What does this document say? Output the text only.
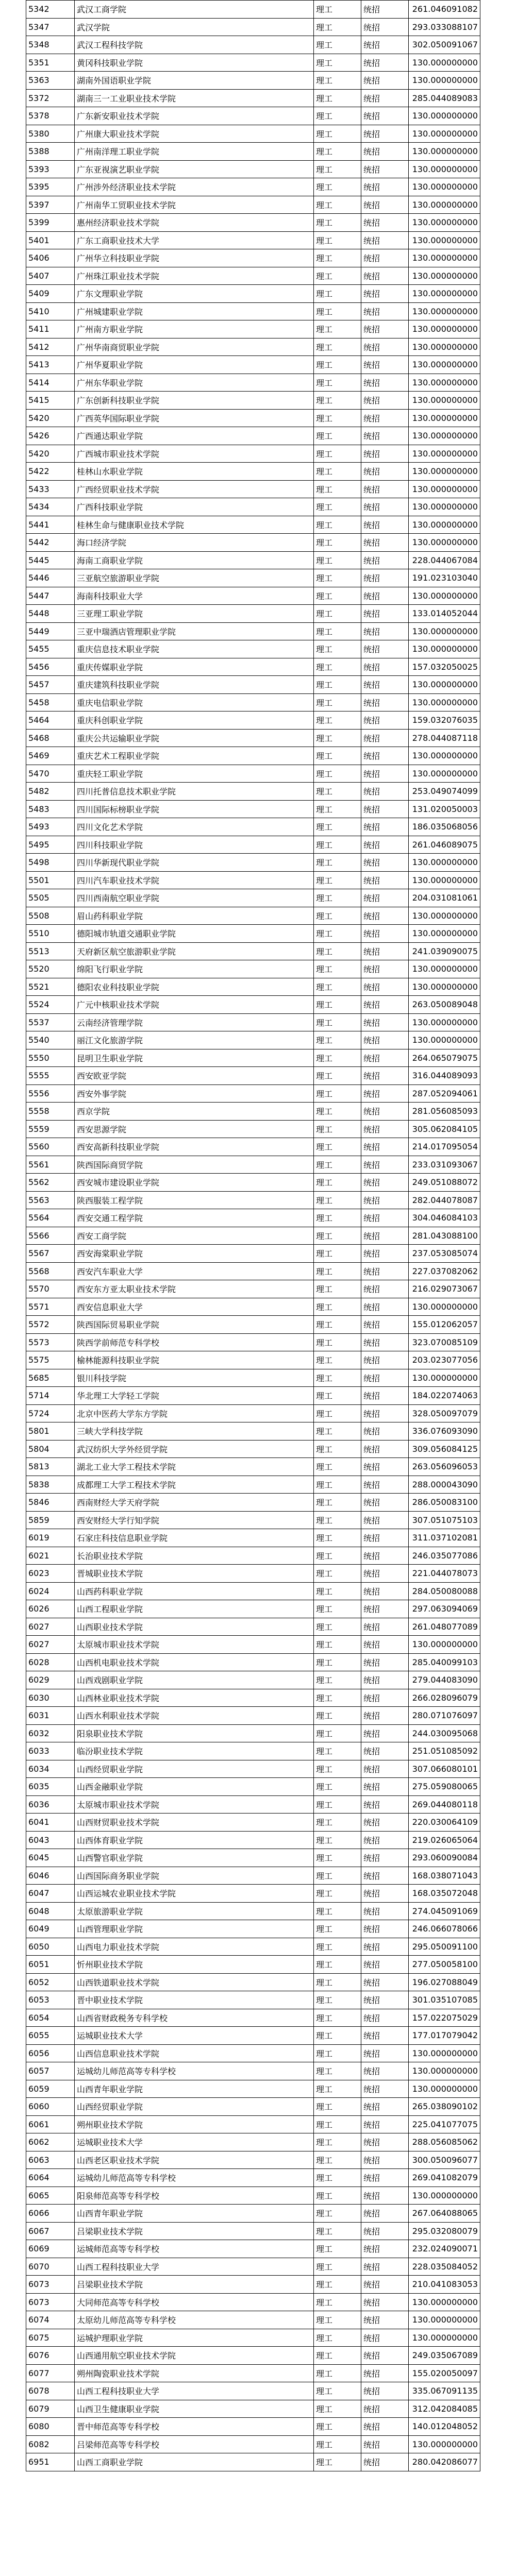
5342	武汉工商学院	理工	统招	261.046091082
5347	武汉学院	理工	统招	293.033088107
5348	武汉工程科技学院	理工	统招	302.050091067
5351	黄冈科技职业学院	理工	统招	130.000000000
5363	湖南外国语职业学院	理工	统招	130.000000000
5372	湖南三一工业职业技术学院	理工	统招	285.044089083
5378	广东新安职业技术学院	理工	统招	130.000000000
5380	广州康大职业技术学院	理工	统招	130.000000000
5388	广州南洋理工职业学院	理工	统招	130.000000000
5393	广东亚视演艺职业学院	理工	统招	130.000000000
5395	广州涉外经济职业技术学院	理工	统招	130.000000000
5397	广州南华工贸职业技术学院	理工	统招	130.000000000
5399	惠州经济职业技术学院	理工	统招	130.000000000
5401	广东工商职业技术大学	理工	统招	130.000000000
5406	广州华立科技职业学院	理工	统招	130.000000000
5407	广州珠江职业技术学院	理工	统招	130.000000000
5409	广东文理职业学院	理工	统招	130.000000000
5410	广州城建职业学院	理工	统招	130.000000000
5411	广州南方职业学院	理工	统招	130.000000000
5412	广州华南商贸职业学院	理工	统招	130.000000000
5413	广州华夏职业学院	理工	统招	130.000000000
5414	广州东华职业学院	理工	统招	130.000000000
5415	广东创新科技职业学院	理工	统招	130.000000000
5420	广西英华国际职业学院	理工	统招	130.000000000
5426	广西通达职业学院	理工	统招	130.000000000
5420	广西城市职业技术学院	理工	统招	130.000000000
5422	桂林山水职业学院	理工	统招	130.000000000
5433	广西经贸职业技术学院	理工	统招	130.000000000
5434	广西科技职业学院	理工	统招	130.000000000
5441	桂林生命与健康职业技术学院	理工	统招	130.000000000
5442	海口经济学院	理工	统招	130.000000000
5445	海南工商职业学院	理工	统招	228.044067084
5446	三亚航空旅游职业学院	理工	统招	191.023103040
5447	海南科技职业大学	理工	统招	130.000000000
5448	三亚理工职业学院	理工	统招	133.014052044
5449	三亚中瑞酒店管理职业学院	理工	统招	130.000000000
5455	重庆信息技术职业学院	理工	统招	130.000000000
5456	重庆传媒职业学院	理工	统招	157.032050025
5457	重庆建筑科技职业学院	理工	统招	130.000000000
5458	重庆电信职业学院	理工	统招	130.000000000
5464	重庆科创职业学院	理工	统招	159.032076035
5468	重庆公共运输职业学院	理工	统招	278.044087118
5469	重庆艺术工程职业学院	理工	统招	130.000000000
5470	重庆轻工职业学院	理工	统招	130.000000000
5482	四川托普信息技术职业学院	理工	统招	253.049074099
5483	四川国际标榜职业学院	理工	统招	131.020050003
5493	四川文化艺术学院	理工	统招	186.035068056
5495	四川科技职业学院	理工	统招	261.046089075
5498	四川华新现代职业学院	理工	统招	130.000000000
5501	四川汽车职业技术学院	理工	统招	130.000000000
5505	四川西南航空职业学院	理工	统招	204.031081061
5508	眉山药科职业学院	理工	统招	130.000000000
5510	德阳城市轨道交通职业学院	理工	统招	130.000000000
5513	天府新区航空旅游职业学院	理工	统招	241.039090075
5520	绵阳飞行职业学院	理工	统招	130.000000000
5521	德阳农业科技职业学院	理工	统招	130.000000000
5524	广元中核职业技术学院	理工	统招	263.050089048
5537	云南经济管理学院	理工	统招	130.000000000
5540	丽江文化旅游学院	理工	统招	130.000000000
5550	昆明卫生职业学院	理工	统招	264.065079075
5555	西安欧亚学院	理工	统招	316.044089093
5556	西安外事学院	理工	统招	287.052094061
5558	西京学院	理工	统招	281.056085093
5559	西安思源学院	理工	统招	305.062084105
5560	西安高新科技职业学院	理工	统招	214.017095054
5561	陕西国际商贸学院	理工	统招	233.031093067
5562	西安城市建设职业学院	理工	统招	249.051088072
5563	陕西服装工程学院	理工	统招	282.044078087
5564	西安交通工程学院	理工	统招	304.046084103
5566	西安工商学院	理工	统招	281.043088100
5567	西安海棠职业学院	理工	统招	237.053085074
5568	西安汽车职业大学	理工	统招	227.037082062
5570	西安东方亚太职业技术学院	理工	统招	216.029073067
5571	西安信息职业大学	理工	统招	130.000000000
5572	陕西国际贸易职业学院	理工	统招	155.012062057
5573	陕西学前师范专科学校	理工	统招	323.070085109
5575	榆林能源科技职业学院	理工	统招	203.023077056
5685	银川科技学院	理工	统招	130.000000000
5714	华北理工大学轻工学院	理工	统招	184.022074063
5724	北京中医药大学东方学院	理工	统招	328.050097079
5801	三峡大学科技学院	理工	统招	336.076093090
5804	武汉纺织大学外经贸学院	理工	统招	309.056084125
5813	湖北工业大学工程技术学院	理工	统招	263.056096053
5838	成都理工大学工程技术学院	理工	统招	288.000043090
5846	西南财经大学天府学院	理工	统招	286.050083100
5859	西安财经大学行知学院	理工	统招	307.051075103
6019	石家庄科技信息职业学院	理工	统招	311.037102081
6021	长治职业技术学院	理工	统招	246.035077086
6023	晋城职业技术学院	理工	统招	221.044078073
6024	山西药科职业学院	理工	统招	284.050080088
6026	山西工程职业学院	理工	统招	297.063094069
6027	山西职业技术学院	理工	统招	261.048077089
6027	太原城市职业技术学院	理工	统招	130.000000000
6028	山西机电职业技术学院	理工	统招	285.040099103
6029	山西戏剧职业学院	理工	统招	279.044083090
6030	山西林业职业技术学院	理工	统招	266.028096079
6031	山西水利职业技术学院	理工	统招	280.071076097
6032	阳泉职业技术学院	理工	统招	244.030095068
6033	临汾职业技术学院	理工	统招	251.051085092
6034	山西经贸职业学院	理工	统招	307.066080101
6035	山西金融职业学院	理工	统招	275.059080065
6036	太原城市职业技术学院	理工	统招	269.044080118
6041	山西财贸职业技术学院	理工	统招	220.030064109
6043	山西体育职业学院	理工	统招	219.026065064
6045	山西警官职业学院	理工	统招	293.060090084
6046	山西国际商务职业学院	理工	统招	168.038071043
6047	山西运城农业职业技术学院	理工	统招	168.035072048
6048	太原旅游职业学院	理工	统招	274.045091069
6049	山西管理职业学院	理工	统招	246.066078066
6050	山西电力职业技术学院	理工	统招	295.050091100
6051	忻州职业技术学院	理工	统招	277.050058100
6052	山西铁道职业技术学院	理工	统招	196.027088049
6053	晋中职业技术学院	理工	统招	301.035107085
6054	山西省财政税务专科学校	理工	统招	157.022075029
6055	运城职业技术大学	理工	统招	177.017079042
6056	山西信息职业技术学院	理工	统招	130.000000000
6057	运城幼儿师范高等专科学校	理工	统招	130.000000000
6059	山西青年职业学院	理工	统招	130.000000000
6060	山西经贸职业学院	理工	统招	265.038090102
6061	朔州职业技术学院	理工	统招	225.041077075
6062	运城职业技术大学	理工	统招	288.056085062
6063	山西老区职业技术学院	理工	统招	300.050096077
6064	运城幼儿师范高等专科学校	理工	统招	269.041082079
6065	阳泉师范高等专科学校	理工	统招	130.000000000
6066	山西青年职业学院	理工	统招	267.064088065
6067	吕梁职业技术学院	理工	统招	295.032080079
6069	运城师范高等专科学校	理工	统招	232.024090071
6070	山西工程科技职业大学	理工	统招	228.035084052
6073	吕梁职业技术学院	理工	统招	210.041083053
6073	大同师范高等专科学校	理工	统招	130.000000000
6074	太原幼儿师范高等专科学校	理工	统招	130.000000000
6075	运城护理职业学院	理工	统招	130.000000000
6076	山西通用航空职业技术学院	理工	统招	249.035067089
6077	朔州陶瓷职业技术学院	理工	统招	155.020050097
6078	山西工程科技职业大学	理工	统招	335.067091135
6079	山西卫生健康职业学院	理工	统招	312.042084085
6080	晋中师范高等专科学校	理工	统招	140.012048052
6082	吕梁师范高等专科学校	理工	统招	130.000000000
6951	山西工商职业学院	理工	统招	280.042086077
